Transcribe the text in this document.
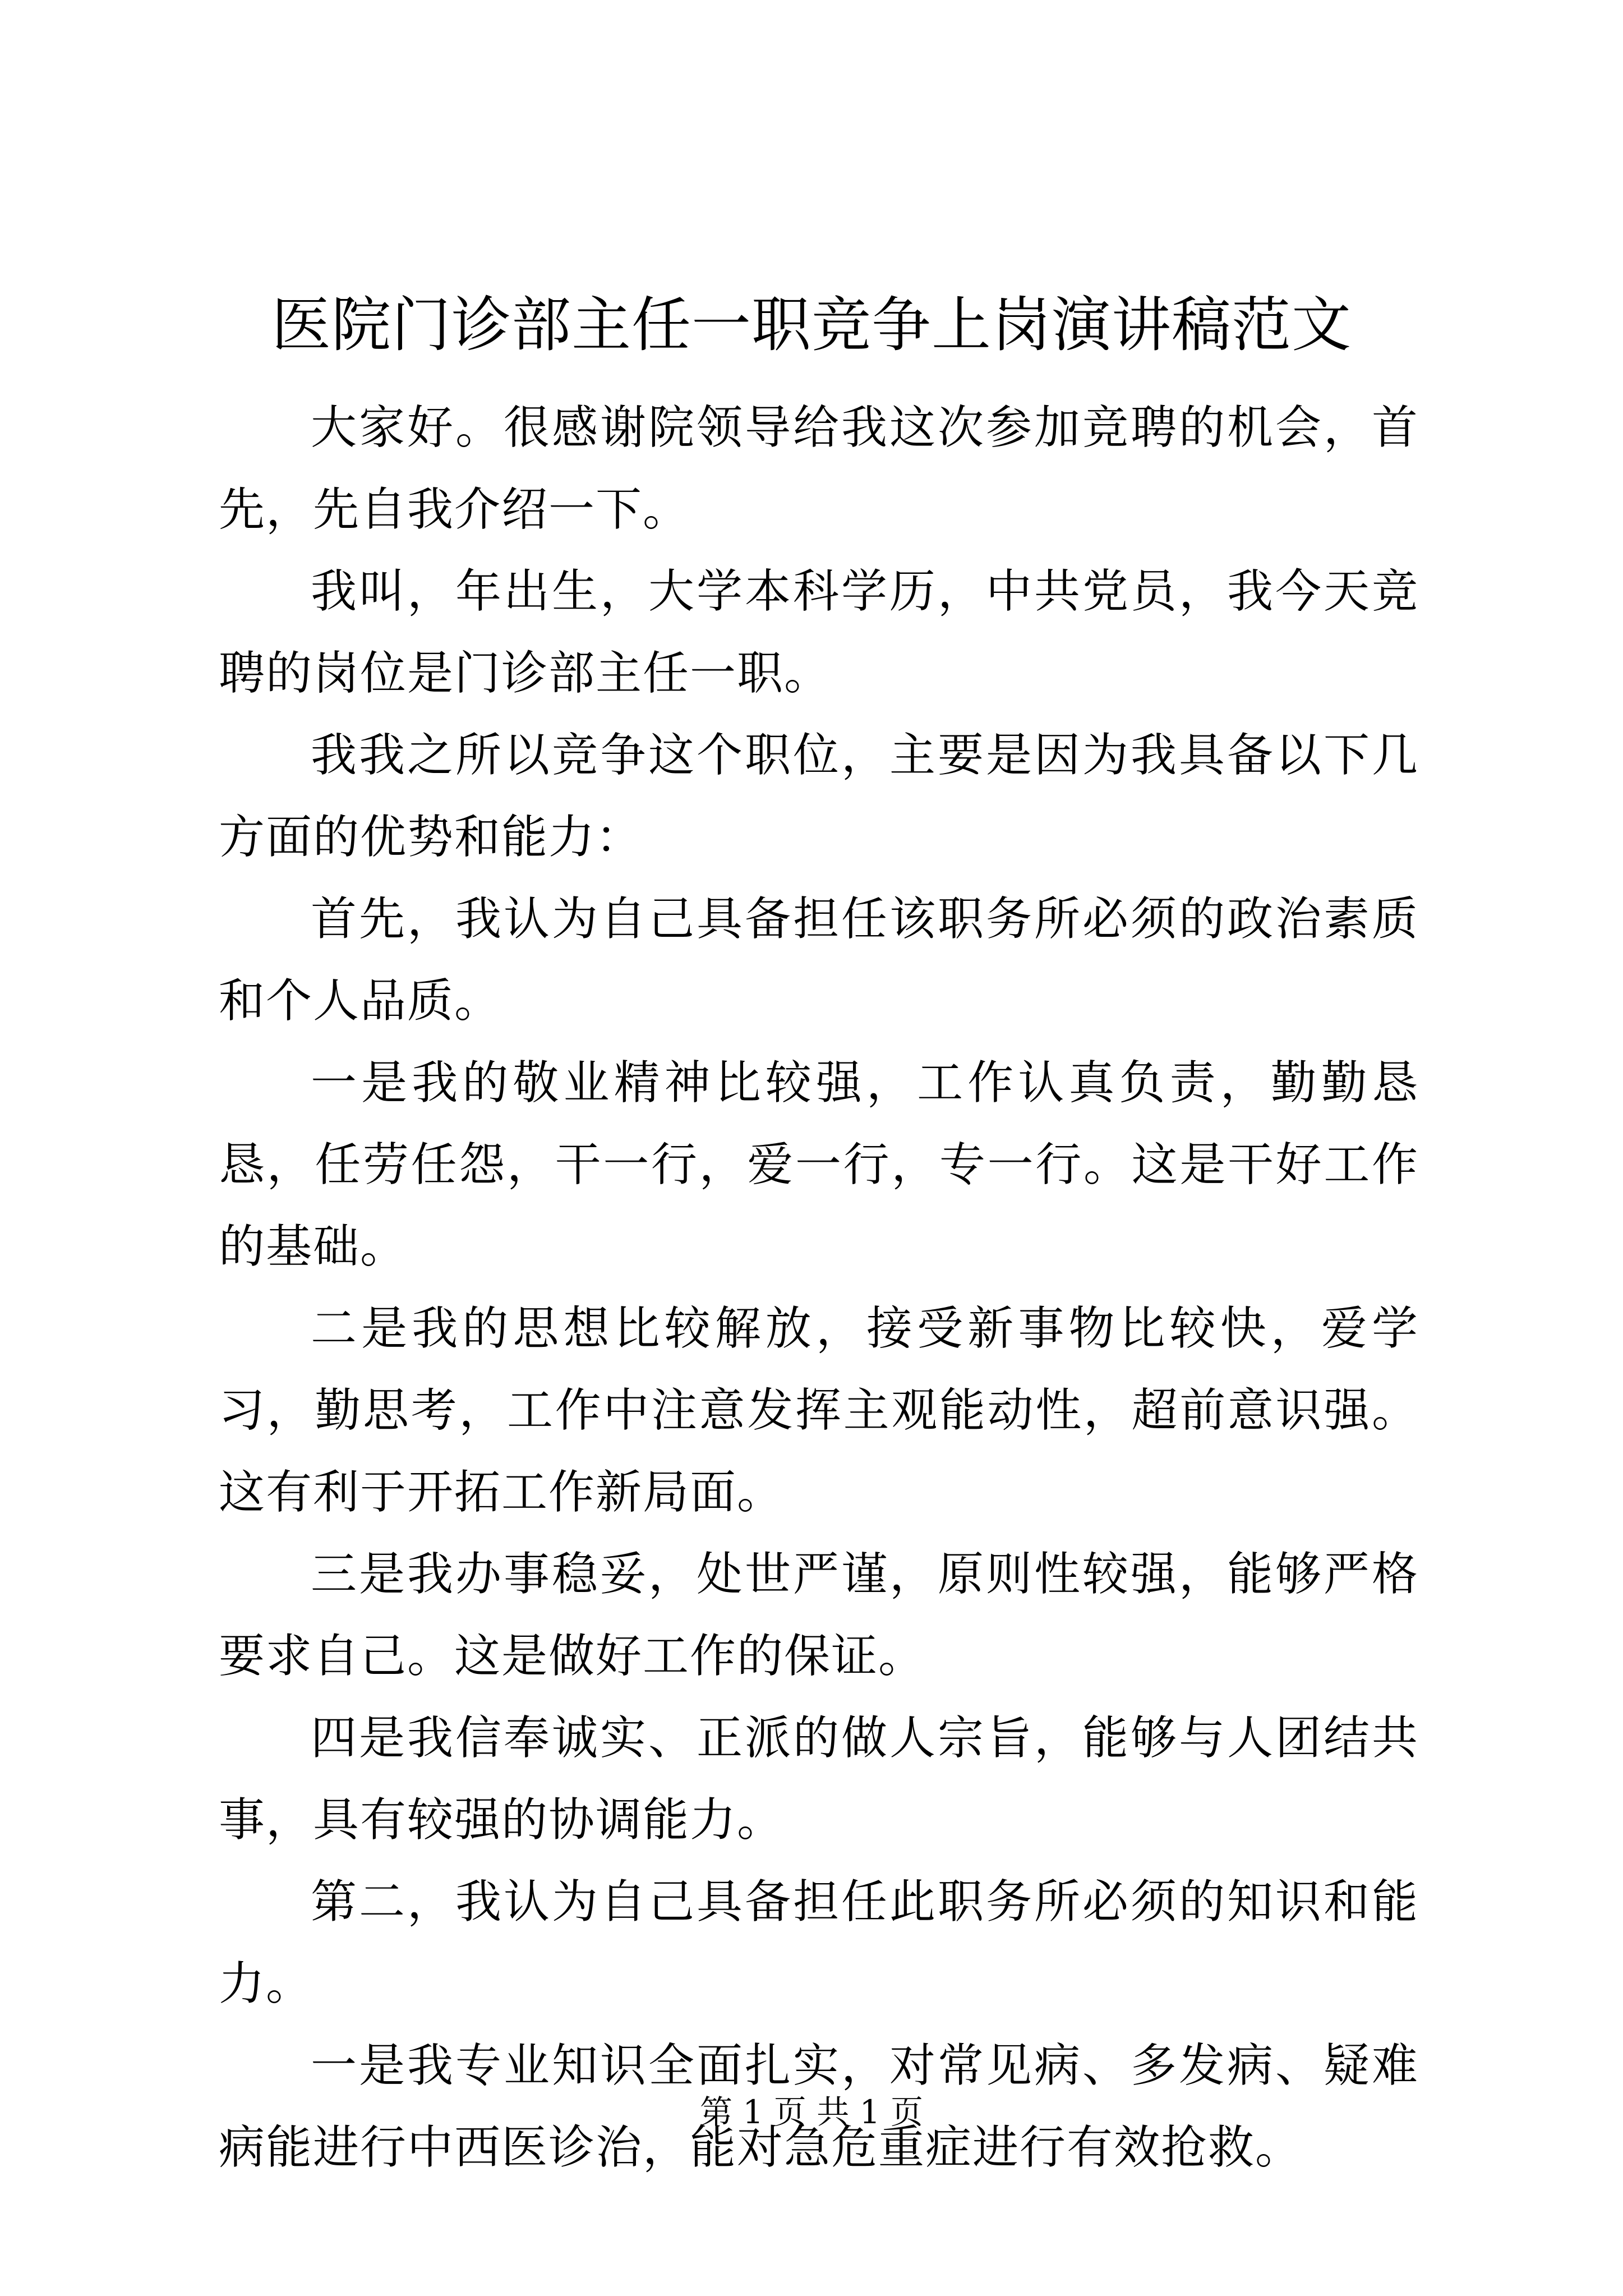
医院门诊部主任一职竞争上岗演讲稿范文

大家好。很感谢院领导给我这次参加竞聘的机会，首先，先自我介绍一下。

我叫，年出生，大学本科学历，中共党员，我今天竞聘的岗位是门诊部主任一职。

我我之所以竞争这个职位，主要是因为我具备以下几方面的优势和能力：

首先，我认为自己具备担任该职务所必须的政治素质和个人品质。

一是我的敬业精神比较强，工作认真负责，勤勤恳恳，任劳任怨，干一行，爱一行，专一行。这是干好工作的基础。

二是我的思想比较解放，接受新事物比较快，爱学习，勤思考，工作中注意发挥主观能动性，超前意识强。这有利于开拓工作新局面。

三是我办事稳妥，处世严谨，原则性较强，能够严格要求自己。这是做好工作的保证。

四是我信奉诚实、正派的做人宗旨，能够与人团结共事，具有较强的协调能力。

第二，我认为自己具备担任此职务所必须的知识和能力。

一是我专业知识全面扎实，对常见病、多发病、疑难病能进行中西医诊治，能对急危重症进行有效抢救。

第 1 页 共 1 页
